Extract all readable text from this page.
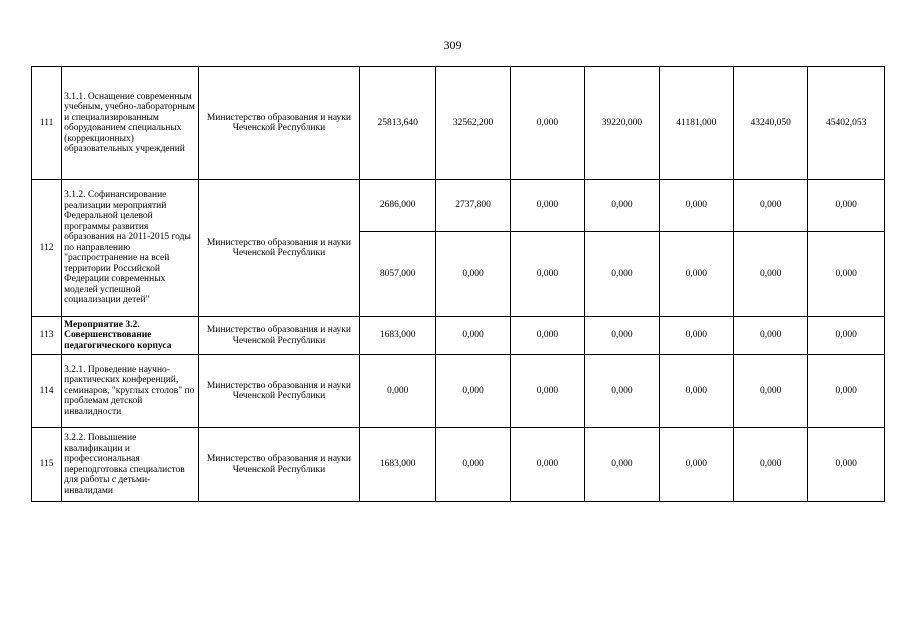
309
111	3.1.1. Оснащение современным учебным, учебно-лабораторным и специализированным оборудованием специальных (коррекционных) образовательных учреждений	Министерство образования и науки Чеченской Республики	25813,640	32562,200	0,000	39220,000	41181,000	43240,050	45402,053
112	3.1.2. Софинансирование реализации мероприятий Федеральной целевой программы развития образования на 2011-2015 годы по направлению "распространение на всей территории Российской Федерации современных моделей успешной социализации детей"	Министерство образования и науки Чеченской Республики	2686,000	2737,800	0,000	0,000	0,000	0,000	0,000
			8057,000	0,000	0,000	0,000	0,000	0,000	0,000
113	Мероприятие 3.2. Совершенствование педагогического корпуса	Министерство образования и науки Чеченской Республики	1683,000	0,000	0,000	0,000	0,000	0,000	0,000
114	3.2.1. Проведение научно-практических конференций, семинаров, "круглых столов" по проблемам детской инвалидности	Министерство образования и науки Чеченской Республики	0,000	0,000	0,000	0,000	0,000	0,000	0,000
115	3.2.2. Повышение квалификации и профессиональная переподготовка специалистов для работы с детьми-инвалидами	Министерство образования и науки Чеченской Республики	1683,000	0,000	0,000	0,000	0,000	0,000	0,000
